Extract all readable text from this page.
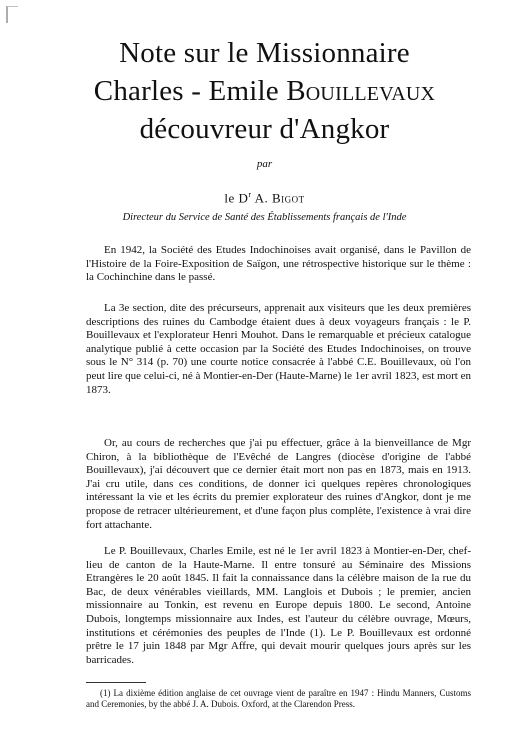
Note sur le Missionnaire
Charles - Emile Bouillevaux
découvreur d'Angkor
par
le $D^r$ A. Bigot
Directeur du Service de Santé des Établissements français de l'Inde

En 1942, la Société des Etudes Indochinoises avait organisé, dans le Pavillon de l'Histoire de la Foire-Exposition de Saïgon, une rétrospective historique sur le thème : la Cochinchine dans le passé.

La 3e section, dite des précurseurs, apprenait aux visiteurs que les deux premières descriptions des ruines du Cambodge étaient dues à deux voyageurs français : le P. Bouillevaux et l'explorateur Henri Mouhot. Dans le remarquable et précieux catalogue analytique publié à cette occasion par la Société des Etudes Indochinoises, on trouve sous le N° 314 (p. 70) une courte notice consacrée à l'abbé C.E. Bouillevaux, où l'on peut lire que celui-ci, né à Montier-en-Der (Haute-Marne) le 1er avril 1823, est mort en 1873.

Or, au cours de recherches que j'ai pu effectuer, grâce à la bienveillance de Mgr Chiron, à la bibliothèque de l'Evêché de Langres (diocèse d'origine de l'abbé Bouillevaux), j'ai découvert que ce dernier était mort non pas en 1873, mais en 1913. J'ai cru utile, dans ces conditions, de donner ici quelques repères chronologiques intéressant la vie et les écrits du premier explorateur des ruines d'Angkor, dont je me propose de retracer ultérieurement, et d'une façon plus complète, l'existence à vrai dire fort attachante.

Le P. Bouillevaux, Charles Emile, est né le 1er avril 1823 à Montier-en-Der, chef-lieu de canton de la Haute-Marne. Il entre tonsuré au Séminaire des Missions Etrangères le 20 août 1845. Il fait la connaissance dans la célèbre maison de la rue du Bac, de deux vénérables vieillards, MM. Langlois et Dubois ; le premier, ancien missionnaire au Tonkin, est revenu en Europe depuis 1800. Le second, Antoine Dubois, longtemps missionnaire aux Indes, est l'auteur du célèbre ouvrage, Mœurs, institutions et cérémonies des peuples de l'Inde (1). Le P. Bouillevaux est ordonné prêtre le 17 juin 1848 par Mgr Affre, qui devait mourir quelques jours après sur les barricades.

(1) La dixième édition anglaise de cet ouvrage vient de paraître en 1947 : Hindu Manners, Customs and Ceremonies, by the abbé J. A. Dubois. Oxford, at the Clarendon Press.
